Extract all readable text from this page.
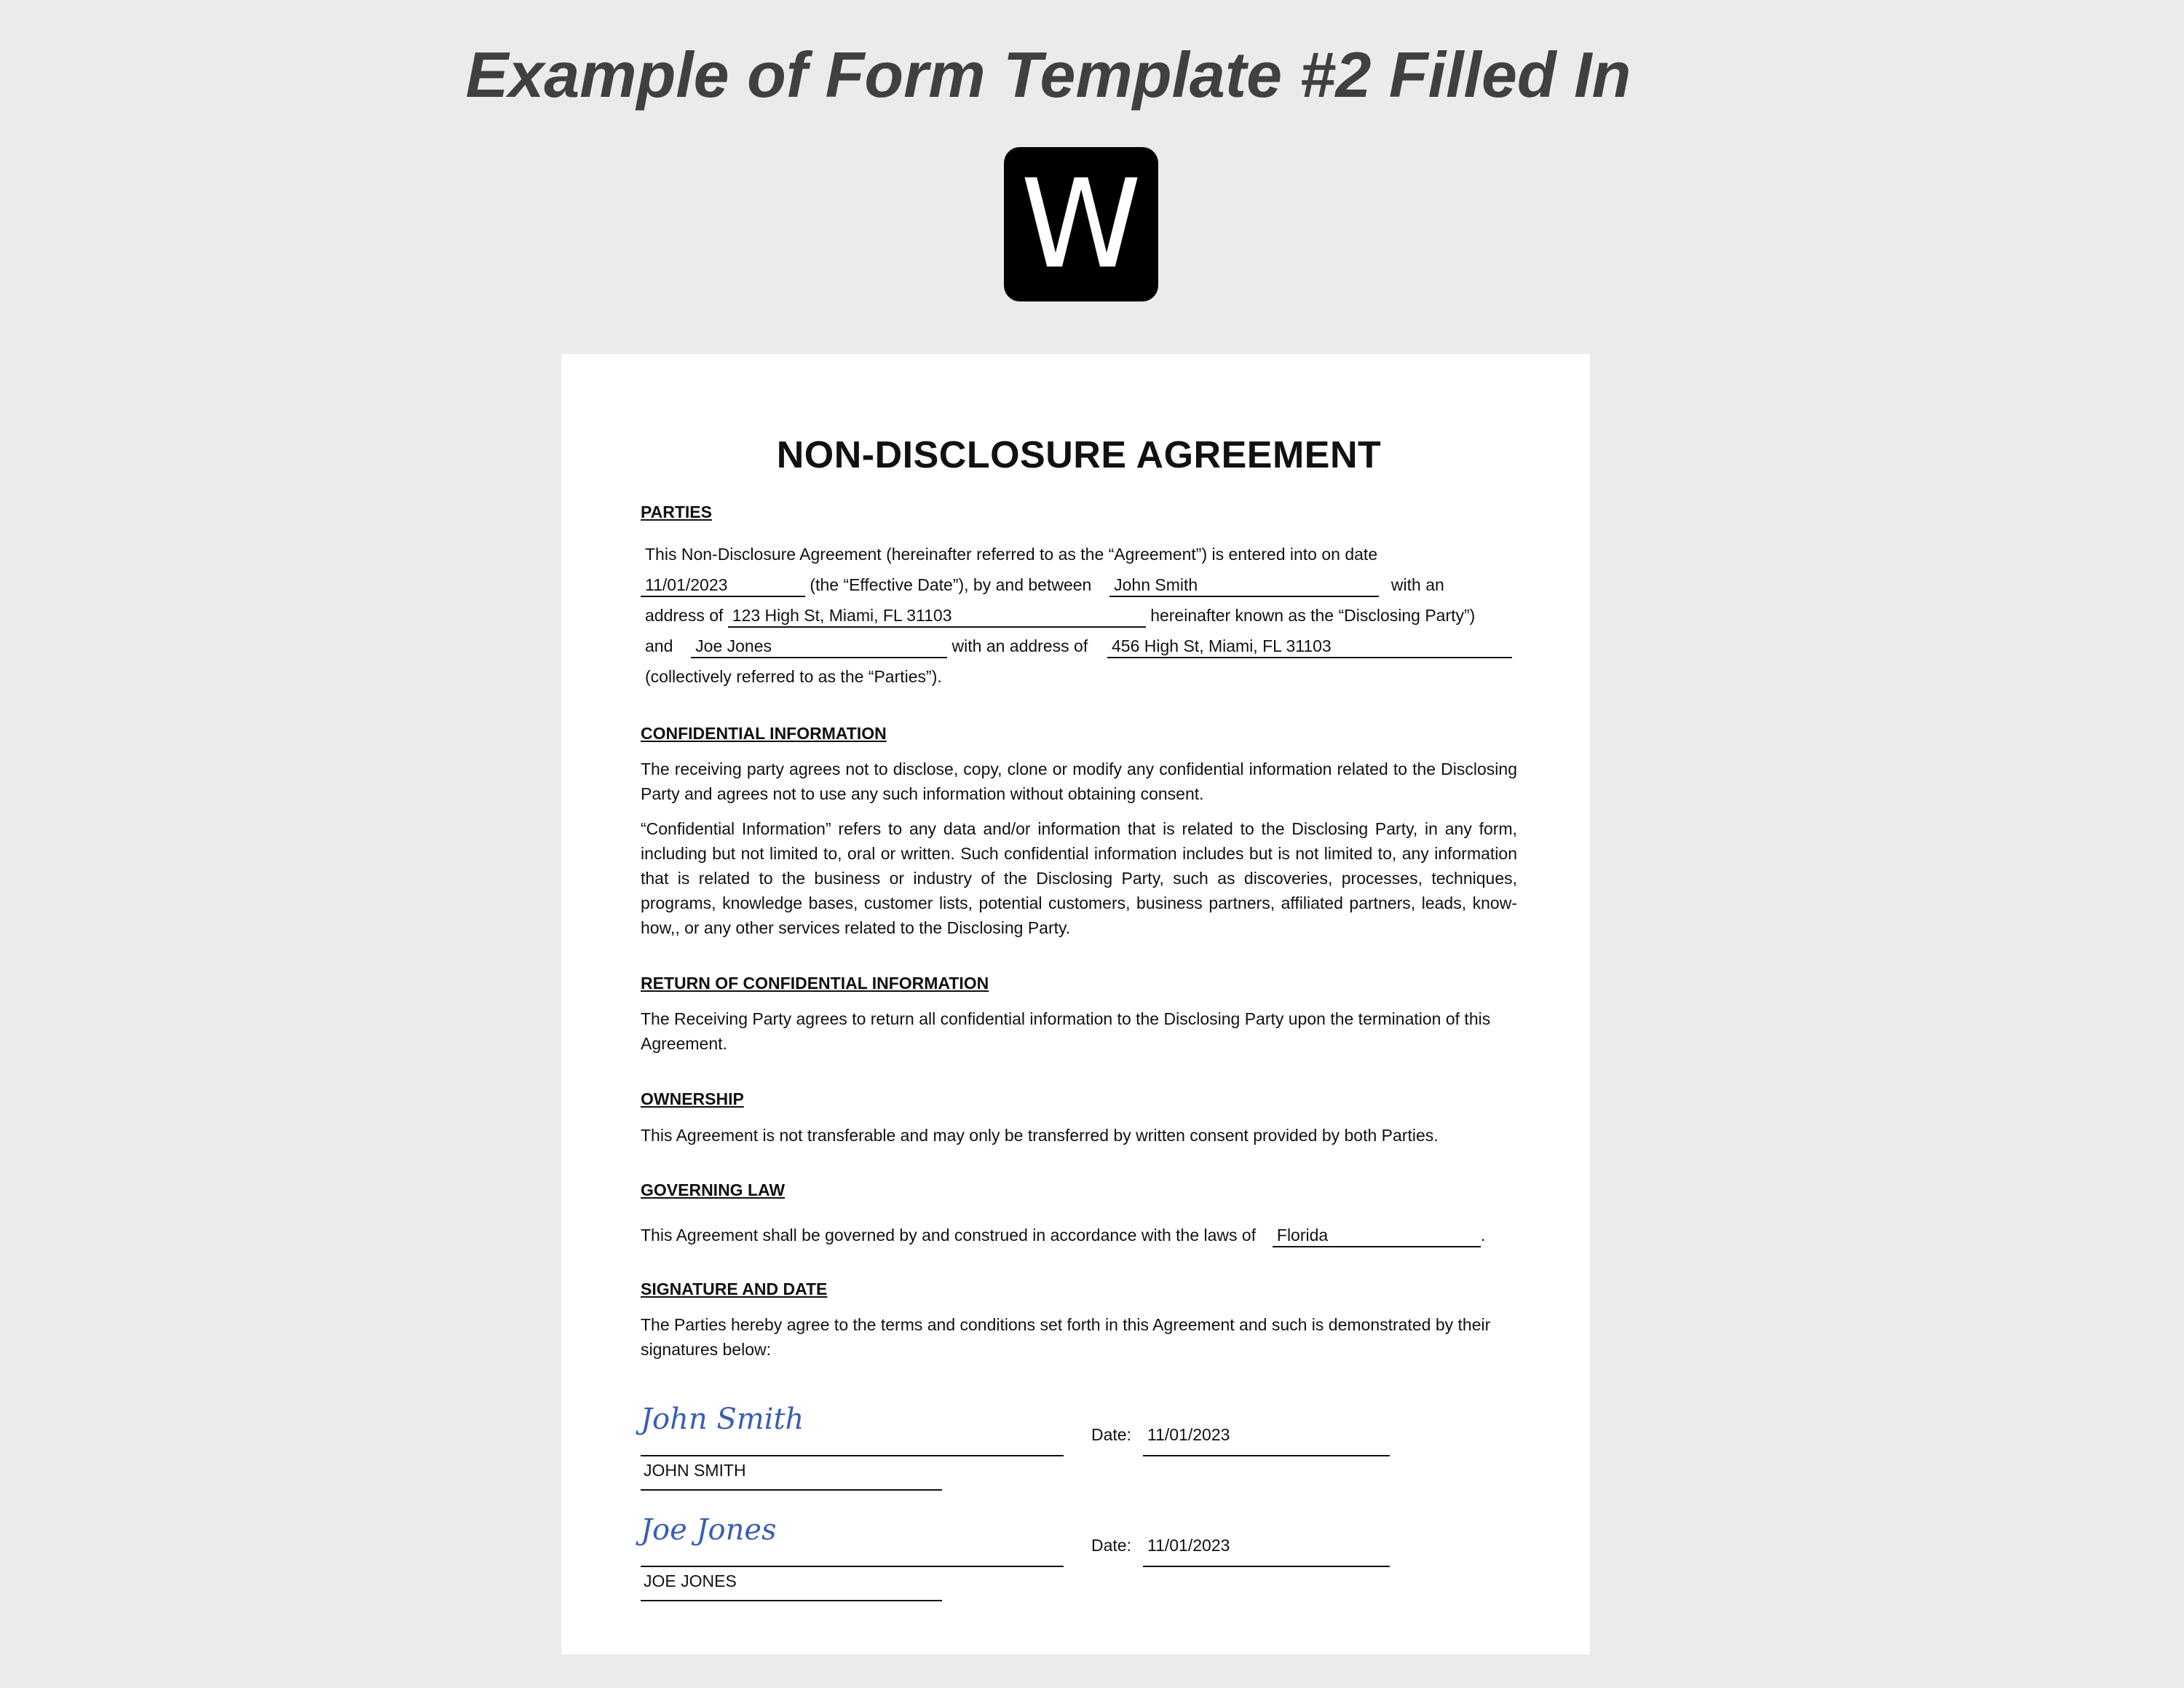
Example of Form Template #2 Filled In
W
NON-DISCLOSURE AGREEMENT
PARTIES
This Non-Disclosure Agreement (hereinafter referred to as the “Agreement”) is entered into on date
11/01/2023	(the “Effective Date”), by and between John Smith	with an
address of 123 High St, Miami, FL 31103	hereinafter known as the “Disclosing Party”)
and Joe Jones	with an address of 456 High St, Miami, FL 31103
(collectively referred to as the “Parties”).
CONFIDENTIAL INFORMATION

The receiving party agrees not to disclose, copy, clone or modify any confidential information related to the Disclosing Party and agrees not to use any such information without obtaining consent.

“Confidential Information” refers to any data and/or information that is related to the Disclosing Party, in any form, including but not limited to, oral or written. Such confidential information includes but is not limited to, any information that is related to the business or industry of the Disclosing Party, such as discoveries, processes, techniques, programs, knowledge bases, customer lists, potential customers, business partners, affiliated partners, leads, know-how,, or any other services related to the Disclosing Party.

RETURN OF CONFIDENTIAL INFORMATION

The Receiving Party agrees to return all confidential information to the Disclosing Party upon the termination of this Agreement.

OWNERSHIP

This Agreement is not transferable and may only be transferred by written consent provided by both Parties.

GOVERNING LAW
This Agreement shall be governed by and construed in accordance with the laws of Florida	.
SIGNATURE AND DATE

The Parties hereby agree to the terms and conditions set forth in this Agreement and such is demonstrated by their signatures below:

John Smith
JOHN SMITH
Date: 11/01/2023
Joe Jones
JOE JONES
Date: 11/01/2023
